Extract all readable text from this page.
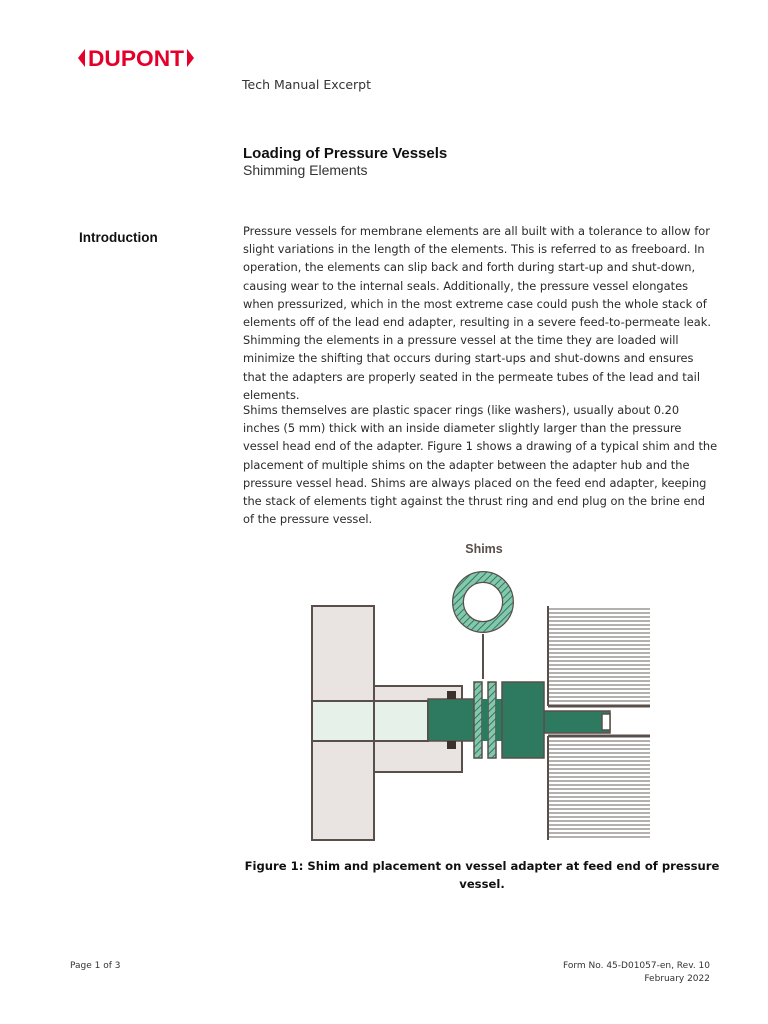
DUPONT
Tech Manual Excerpt
Loading of Pressure Vessels
Shimming Elements
Introduction	Pressure vessels for membrane elements are all built with a tolerance to allow for slight variations in the length of the elements. This is referred to as freeboard. In operation, the elements can slip back and forth during start-up and shut-down, causing wear to the internal seals. Additionally, the pressure vessel elongates when pressurized, which in the most extreme case could push the whole stack of elements off of the lead end adapter, resulting in a severe feed-to-permeate leak. Shimming the elements in a pressure vessel at the time they are loaded will minimize the shifting that occurs during start-ups and shut-downs and ensures that the adapters are properly seated in the permeate tubes of the lead and tail elements.

Shims themselves are plastic spacer rings (like washers), usually about 0.20 inches (5 mm) thick with an inside diameter slightly larger than the pressure vessel head end of the adapter. Figure 1 shows a drawing of a typical shim and the placement of multiple shims on the adapter between the adapter hub and the pressure vessel head. Shims are always placed on the feed end adapter, keeping the stack of elements tight against the thrust ring and end plug on the brine end of the pressure vessel.

Shims
Figure 1: Shim and placement on vessel adapter at feed end of pressure vessel.
Page 1 of 3	Form No. 45-D01057-en, Rev. 10
February 2022
